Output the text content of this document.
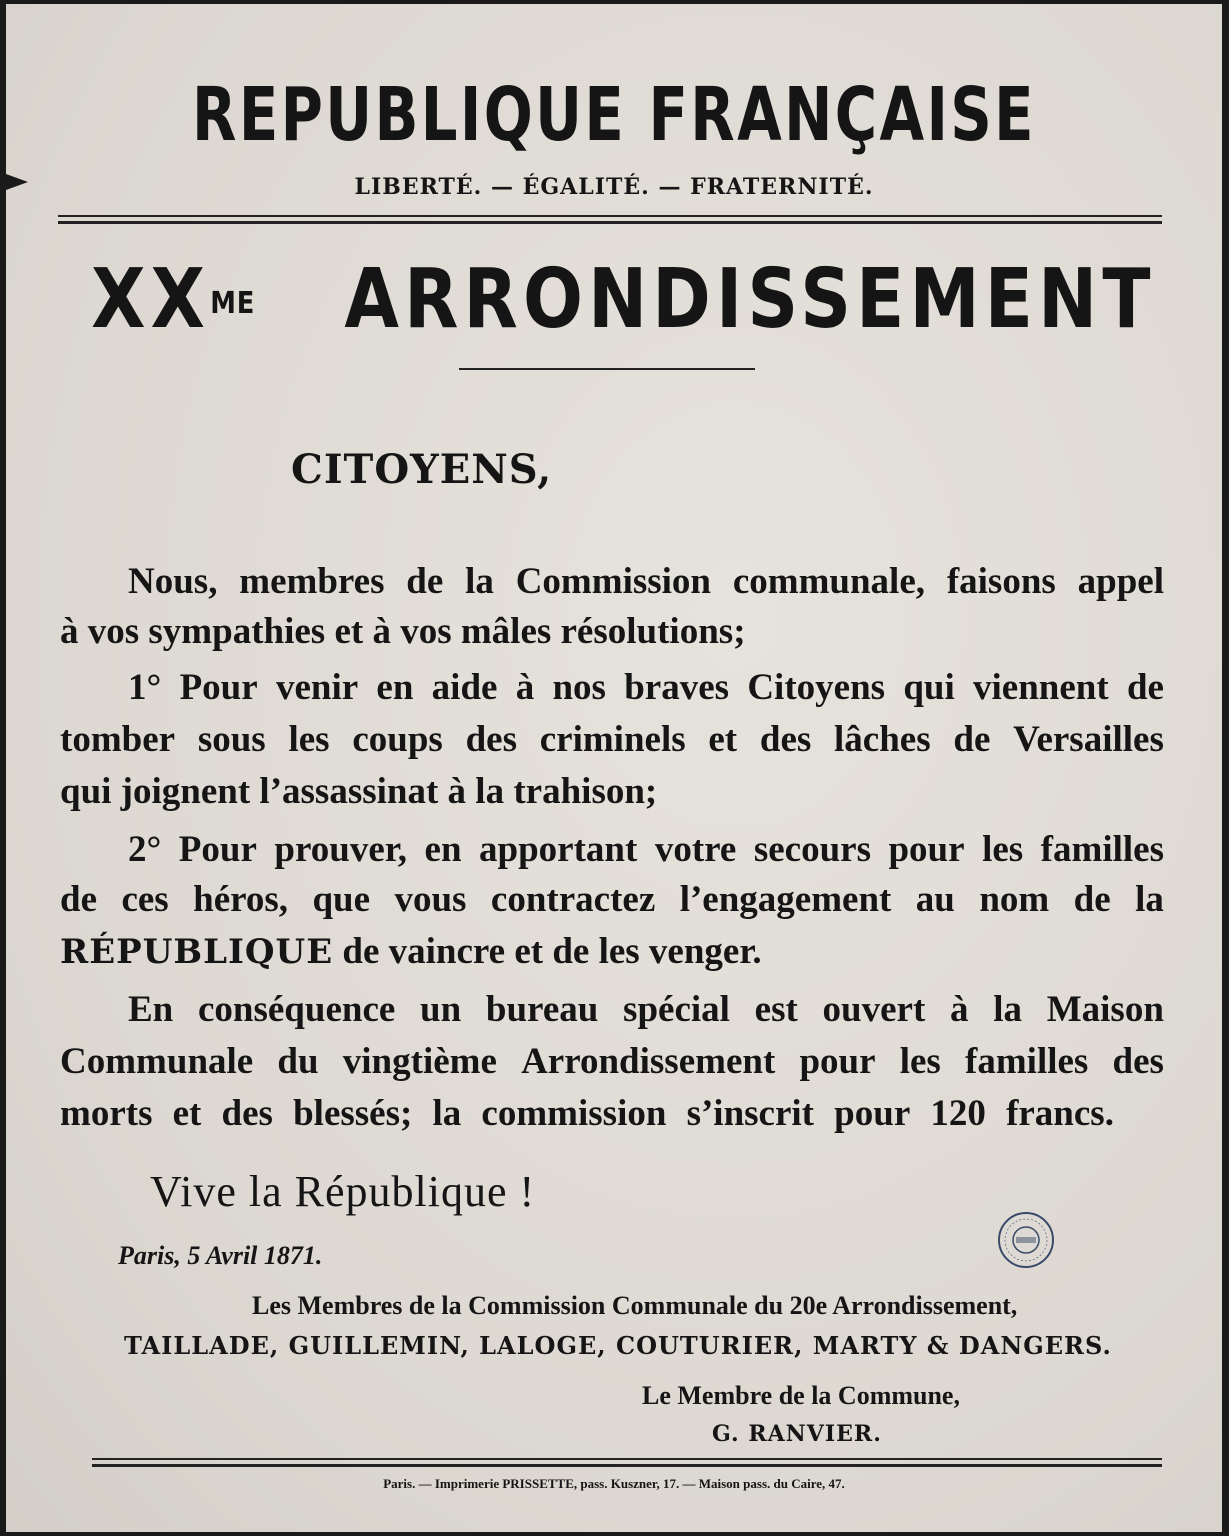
REPUBLIQUE FRANÇAISE
LIBERTÉ. — ÉGALITÉ. — FRATERNITÉ.
$XX^{ME}$ ARRONDISSEMENT
CITOYENS,
Nous, membres de la Commission communale, faisons appel
à vos sympathies et à vos mâles résolutions;
1° Pour venir en aide à nos braves Citoyens qui viennent de
tomber sous les coups des criminels et des lâches de Versailles
qui joignent l’assassinat à la trahison;
2° Pour prouver, en apportant votre secours pour les familles
de ces héros, que vous contractez l’engagement au nom de la
RÉPUBLIQUE de vaincre et de les venger.
En conséquence un bureau spécial est ouvert à la Maison
Communale du vingtième Arrondissement pour les familles des
morts et des blessés; la commission s’inscrit pour 120 francs.
Vive la République !
Paris, 5 Avril 1871.
Les Membres de la Commission Communale du 20e Arrondissement,
TAILLADE, GUILLEMIN, LALOGE, COUTURIER, MARTY & DANGERS.
Le Membre de la Commune,
G. RANVIER.
Paris. — Imprimerie PRISSETTE, pass. Kuszner, 17. — Maison pass. du Caire, 47.
